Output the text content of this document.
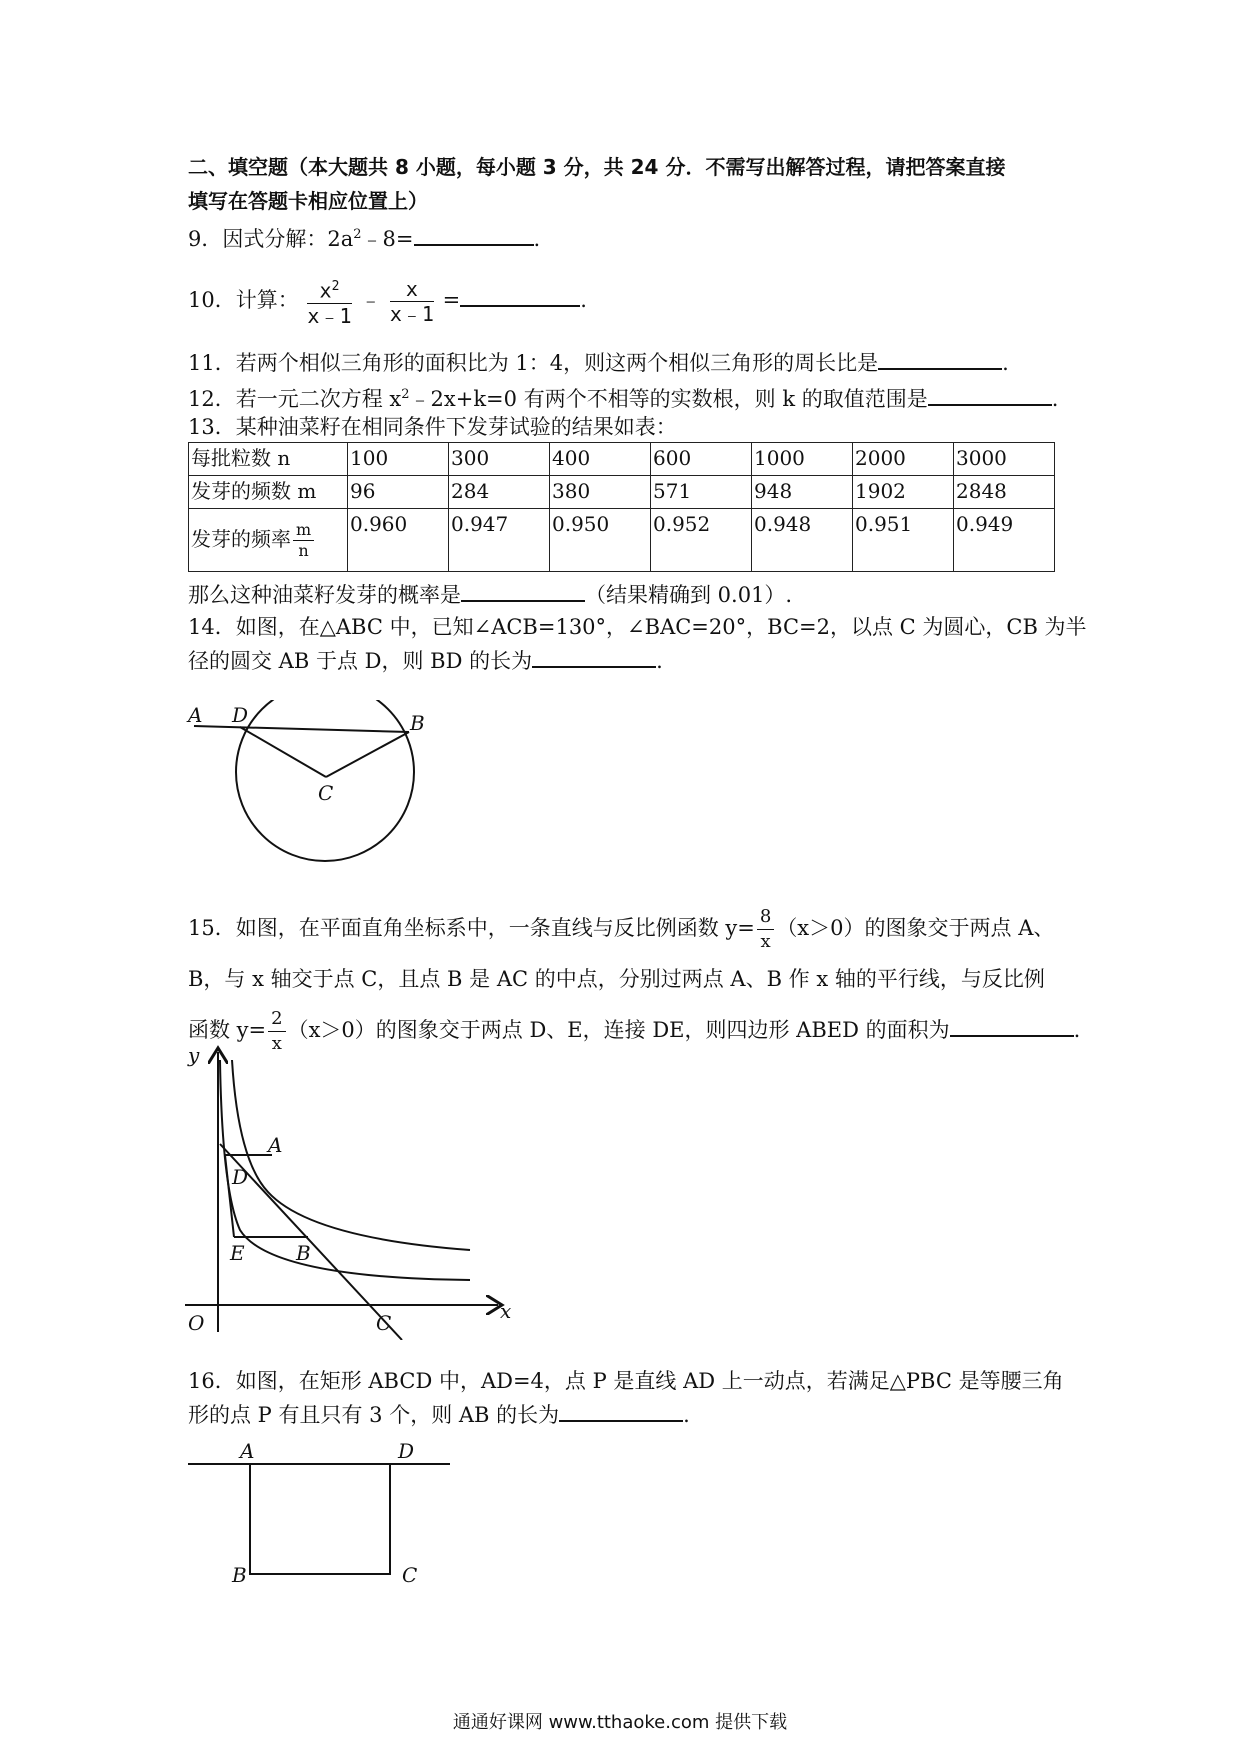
二、填空题（本大题共 8 小题，每小题 3 分，共 24 分．不需写出解答过程，请把答案直接
填写在答题卡相应位置上）
9．因式分解：$2a^2﹣8=$	.
10．计算： $\frac{x^2}{x﹣1}$ ﹣ $\frac{x}{x﹣1}$ =	.
11．若两个相似三角形的面积比为 1：4，则这两个相似三角形的周长比是	.
12．若一元二次方程 $x^2﹣2x+k=0$ 有两个不相等的实数根，则 k 的取值范围是	.
13．某种油菜籽在相同条件下发芽试验的结果如表：
每批粒数 n	100	300	400	600	1000	2000	3000
发芽的频数 m	96	284	380	571	948	1902	2848
发芽的频率 $\frac{m}{n}$	0.960	0.947	0.950	0.952	0.948	0.951	0.949
那么这种油菜籽发芽的概率是	（结果精确到 0.01）.
14．如图，在△ABC 中，已知∠ACB=130°，∠BAC=20°，BC=2，以点 C 为圆心，CB 为半
径的圆交 AB 于点 D，则 BD 的长为	.
A D	B
C
15．如图，在平面直角坐标系中，一条直线与反比例函数 $y= \frac{8}{x} (x>0)$的图象交于两点 A、
B，与 x 轴交于点 C，且点 B 是 AC 的中点，分别过两点 A、B 作 x 轴的平行线，与反比例
函数 $y= \frac{2}{x} (x>0)$的图象交于两点 D、E，连接 DE，则四边形 ABED 的面积为	.
y
x
O
A
D
E	B
C
16．如图，在矩形 ABCD 中，AD=4，点 P 是直线 AD 上一动点，若满足△PBC 是等腰三角
形的点 P 有且只有 3 个，则 AB 的长为	.
A	D
B	C
通通好课网 www.tthaoke.com 提供下载
